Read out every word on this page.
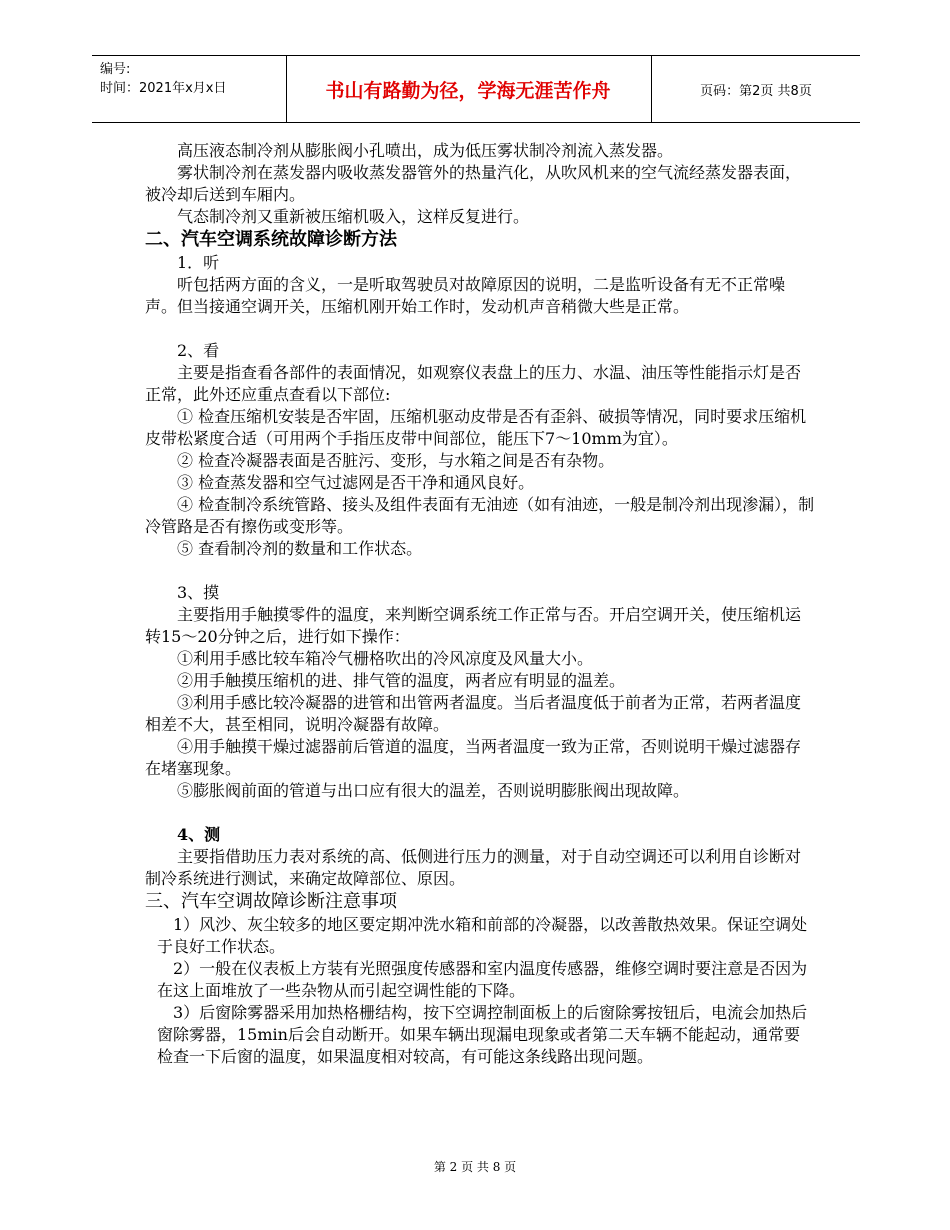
编号:
时间：2021年x月x日	书山有路勤为径，学海无涯苦作舟	页码：第2页 共8页

高压液态制冷剂从膨胀阀小孔喷出，成为低压雾状制冷剂流入蒸发器。

雾状制冷剂在蒸发器内吸收蒸发器管外的热量汽化，从吹风机来的空气流经蒸发器表面，被冷却后送到车厢内。

气态制冷剂又重新被压缩机吸入，这样反复进行。

二、汽车空调系统故障诊断方法

1．听

听包括两方面的含义，一是听取驾驶员对故障原因的说明，二是监听设备有无不正常噪声。但当接通空调开关，压缩机刚开始工作时，发动机声音稍微大些是正常。

2、看

主要是指查看各部件的表面情况，如观察仪表盘上的压力、水温、油压等性能指示灯是否正常，此外还应重点查看以下部位:

① 检查压缩机安装是否牢固，压缩机驱动皮带是否有歪斜、破损等情况，同时要求压缩机皮带松紧度合适（可用两个手指压皮带中间部位，能压下7～10mm为宜）。

② 检查冷凝器表面是否脏污、变形，与水箱之间是否有杂物。

③ 检查蒸发器和空气过滤网是否干净和通风良好。

④ 检查制冷系统管路、接头及组件表面有无油迹（如有油迹，一般是制冷剂出现渗漏），制冷管路是否有擦伤或变形等。

⑤ 查看制冷剂的数量和工作状态。

3、摸

主要指用手触摸零件的温度，来判断空调系统工作正常与否。开启空调开关，使压缩机运转15～20分钟之后，进行如下操作：

①利用手感比较车箱冷气栅格吹出的冷风凉度及风量大小。

②用手触摸压缩机的进、排气管的温度，两者应有明显的温差。

③利用手感比较冷凝器的进管和出管两者温度。当后者温度低于前者为正常，若两者温度相差不大，甚至相同，说明冷凝器有故障。

④用手触摸干燥过滤器前后管道的温度，当两者温度一致为正常，否则说明干燥过滤器存在堵塞现象。

⑤膨胀阀前面的管道与出口应有很大的温差，否则说明膨胀阀出现故障。

4、测

主要指借助压力表对系统的高、低侧进行压力的测量，对于自动空调还可以利用自诊断对制冷系统进行测试，来确定故障部位、原因。

三、汽车空调故障诊断注意事项

1）风沙、灰尘较多的地区要定期冲洗水箱和前部的冷凝器，以改善散热效果。保证空调处于良好工作状态。

2）一般在仪表板上方装有光照强度传感器和室内温度传感器，维修空调时要注意是否因为在这上面堆放了一些杂物从而引起空调性能的下降。

3）后窗除雾器采用加热格栅结构，按下空调控制面板上的后窗除雾按钮后，电流会加热后窗除雾器，15min后会自动断开。如果车辆出现漏电现象或者第二天车辆不能起动，通常要检查一下后窗的温度，如果温度相对较高，有可能这条线路出现问题。

第 2 页 共 8 页
